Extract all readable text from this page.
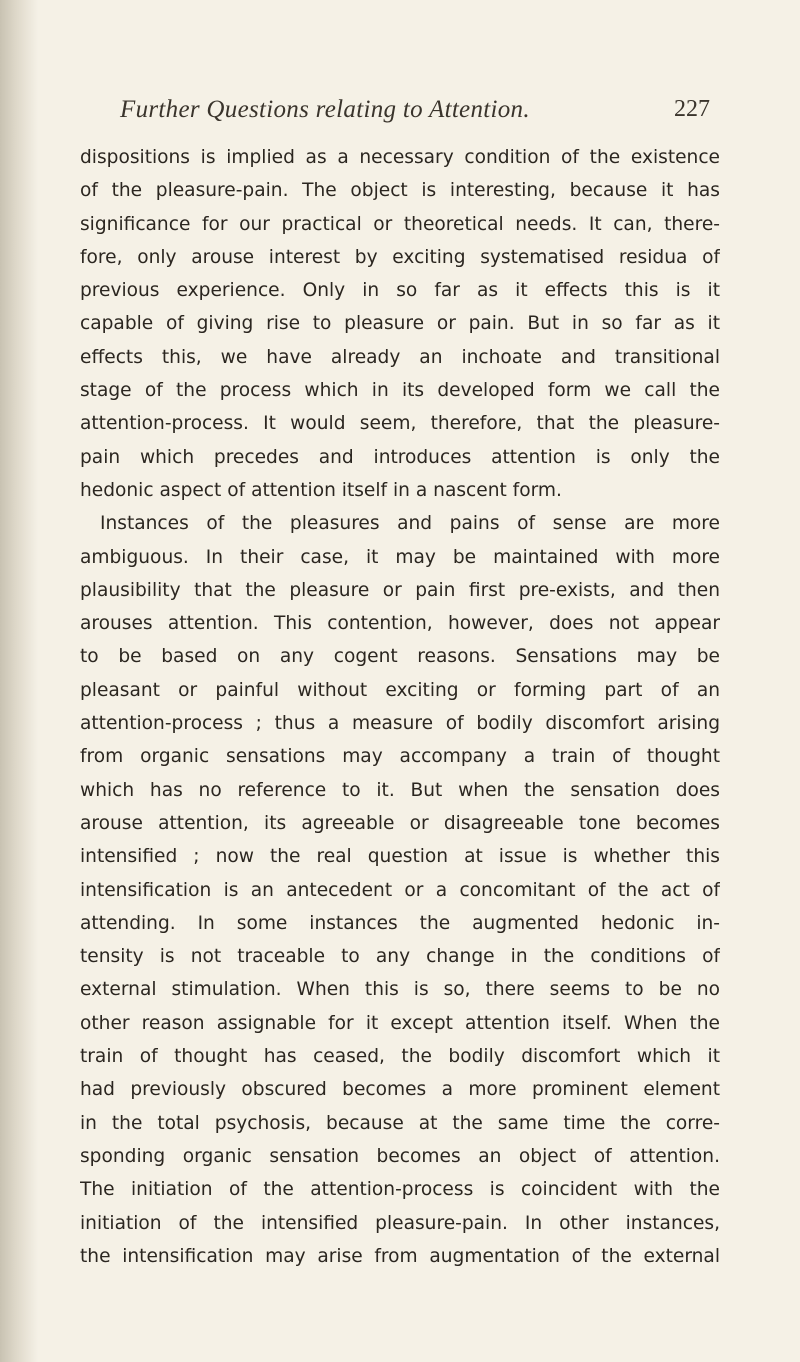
Further Questions relating to Attention.	227
dispositions is implied as a necessary condition of the existence
of the pleasure-pain. The object is interesting, because it has
significance for our practical or theoretical needs. It can, there-
fore, only arouse interest by exciting systematised residua of
previous experience. Only in so far as it effects this is it
capable of giving rise to pleasure or pain. But in so far as it
effects this, we have already an inchoate and transitional
stage of the process which in its developed form we call the
attention-process. It would seem, therefore, that the pleasure-
pain which precedes and introduces attention is only the
hedonic aspect of attention itself in a nascent form.
Instances of the pleasures and pains of sense are more
ambiguous. In their case, it may be maintained with more
plausibility that the pleasure or pain first pre-exists, and then
arouses attention. This contention, however, does not appear
to be based on any cogent reasons. Sensations may be
pleasant or painful without exciting or forming part of an
attention-process ; thus a measure of bodily discomfort arising
from organic sensations may accompany a train of thought
which has no reference to it. But when the sensation does
arouse attention, its agreeable or disagreeable tone becomes
intensified ; now the real question at issue is whether this
intensification is an antecedent or a concomitant of the act of
attending. In some instances the augmented hedonic in-
tensity is not traceable to any change in the conditions of
external stimulation. When this is so, there seems to be no
other reason assignable for it except attention itself. When the
train of thought has ceased, the bodily discomfort which it
had previously obscured becomes a more prominent element
in the total psychosis, because at the same time the corre-
sponding organic sensation becomes an object of attention.
The initiation of the attention-process is coincident with the
initiation of the intensified pleasure-pain. In other instances,
the intensification may arise from augmentation of the external
